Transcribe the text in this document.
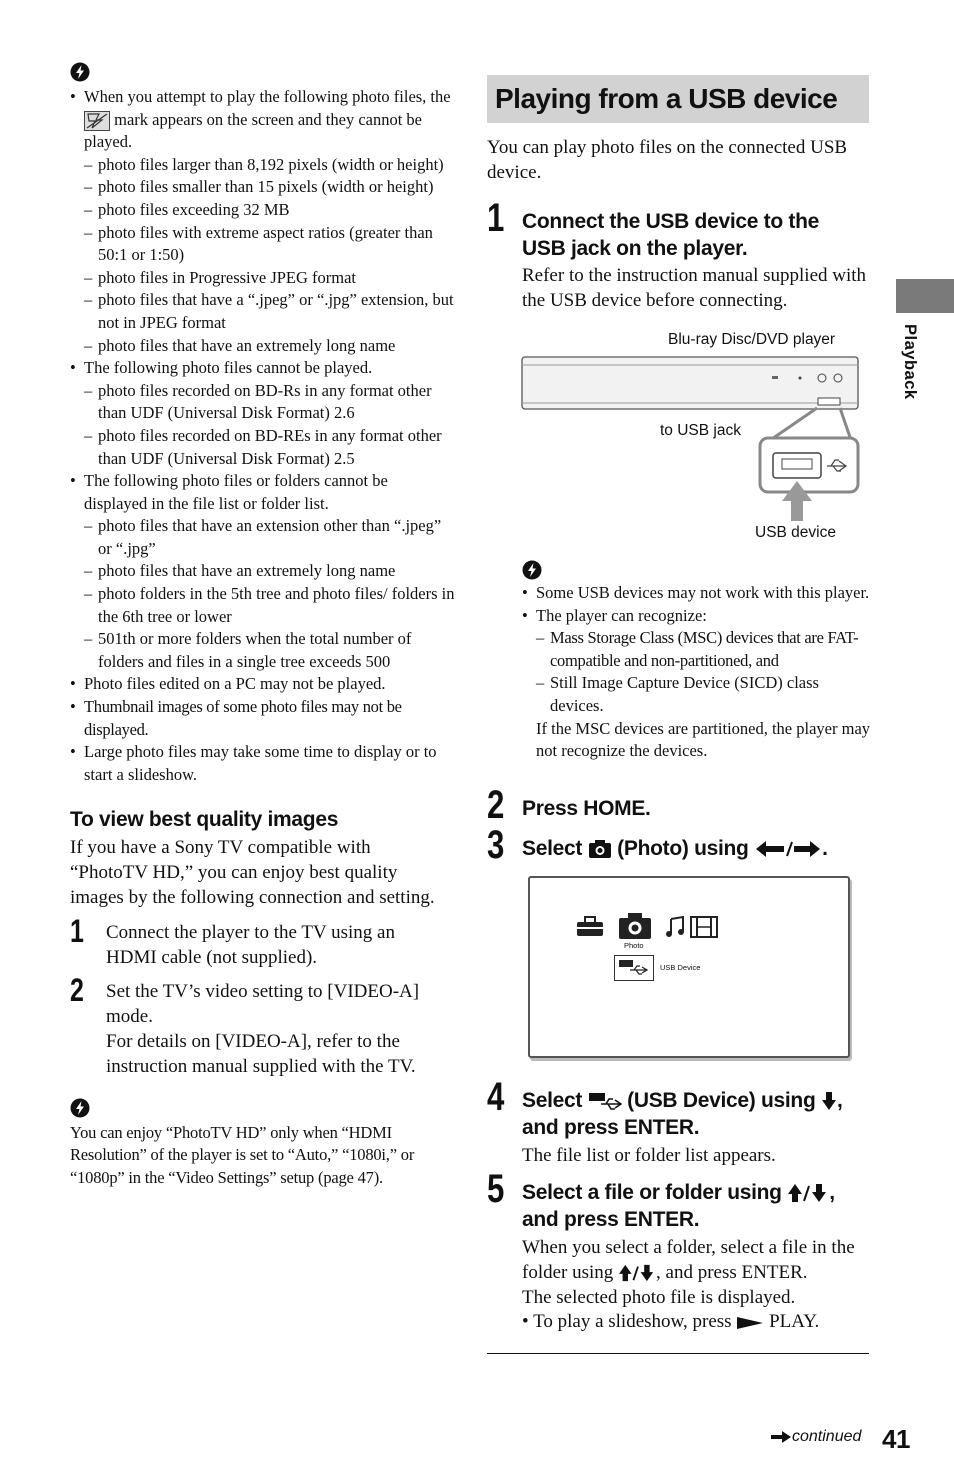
• When you attempt to play the following photo files, the  mark appears on the screen and they cannot be played.
– photo files larger than 8,192 pixels (width or height)
– photo files smaller than 15 pixels (width or height)
– photo files exceeding 32 MB
– photo files with extreme aspect ratios (greater than 50:1 or 1:50)
– photo files in Progressive JPEG format
– photo files that have a “.jpeg” or “.jpg” extension, but not in JPEG format
– photo files that have an extremely long name
• The following photo files cannot be played.
– photo files recorded on BD-Rs in any format other than UDF (Universal Disk Format) 2.6
– photo files recorded on BD-REs in any format other than UDF (Universal Disk Format) 2.5
• The following photo files or folders cannot be displayed in the file list or folder list.
– photo files that have an extension other than “.jpeg” or “.jpg”
– photo files that have an extremely long name
– photo folders in the 5th tree and photo files/ folders in the 6th tree or lower
– 501th or more folders when the total number of folders and files in a single tree exceeds 500
• Photo files edited on a PC may not be played.
• Thumbnail images of some photo files may not be displayed.
• Large photo files may take some time to display or to start a slideshow.
To view best quality images
If you have a Sony TV compatible with “PhotoTV HD,” you can enjoy best quality images by the following connection and setting.
1 Connect the player to the TV using an HDMI cable (not supplied).
2 Set the TV’s video setting to [VIDEO-A] mode.
For details on [VIDEO-A], refer to the instruction manual supplied with the TV.
You can enjoy “PhotoTV HD” only when “HDMI Resolution” of the player is set to “Auto,” “1080i,” or “1080p” in the “Video Settings” setup (page 47).
Playing from a USB device
You can play photo files on the connected USB device.
1 Connect the USB device to the USB jack on the player.
Refer to the instruction manual supplied with the USB device before connecting.
Blu-ray Disc/DVD player
to USB jack
USB device
• Some USB devices may not work with this player.
• The player can recognize:
– Mass Storage Class (MSC) devices that are FAT-compatible and non-partitioned, and
– Still Image Capture Device (SICD) class devices.
If the MSC devices are partitioned, the player may not recognize the devices.
2 Press HOME.
3 Select (Photo) using	.
Photo
USB Device
4 Select (USB Device) using , and press ENTER.
The file list or folder list appears.
5 Select a file or folder using , and press ENTER.
When you select a folder, select a file in the folder using , and press ENTER.
The selected photo file is displayed.
• To play a slideshow, press PLAY.
Playback
continued 41
